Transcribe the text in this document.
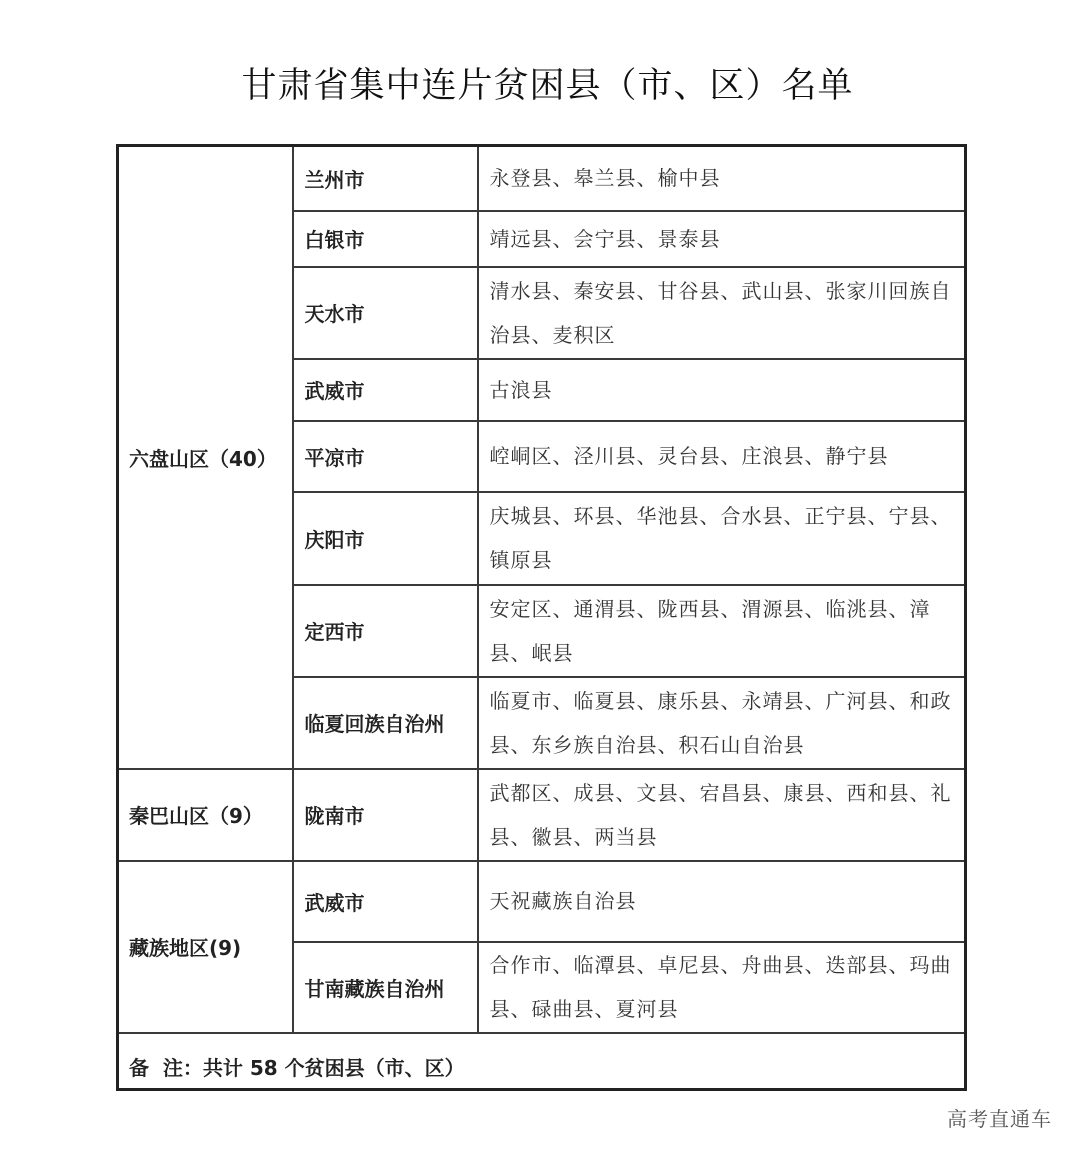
甘肃省集中连片贫困县（市、区）名单
六盘山区（40）	兰州市	永登县、皋兰县、榆中县
	白银市	靖远县、会宁县、景泰县
	天水市	清水县、秦安县、甘谷县、武山县、张家川回族自治县、麦积区
	武威市	古浪县
	平凉市	崆峒区、泾川县、灵台县、庄浪县、静宁县
	庆阳市	庆城县、环县、华池县、合水县、正宁县、宁县、镇原县
	定西市	安定区、通渭县、陇西县、渭源县、临洮县、漳县、岷县
	临夏回族自治州	临夏市、临夏县、康乐县、永靖县、广河县、和政县、东乡族自治县、积石山自治县
秦巴山区（9）	陇南市	武都区、成县、文县、宕昌县、康县、西和县、礼县、徽县、两当县
藏族地区(9)	武威市	天祝藏族自治县
	甘南藏族自治州	合作市、临潭县、卓尼县、舟曲县、迭部县、玛曲县、碌曲县、夏河县
备  注：共计 58 个贫困县（市、区）		
高考直通车
